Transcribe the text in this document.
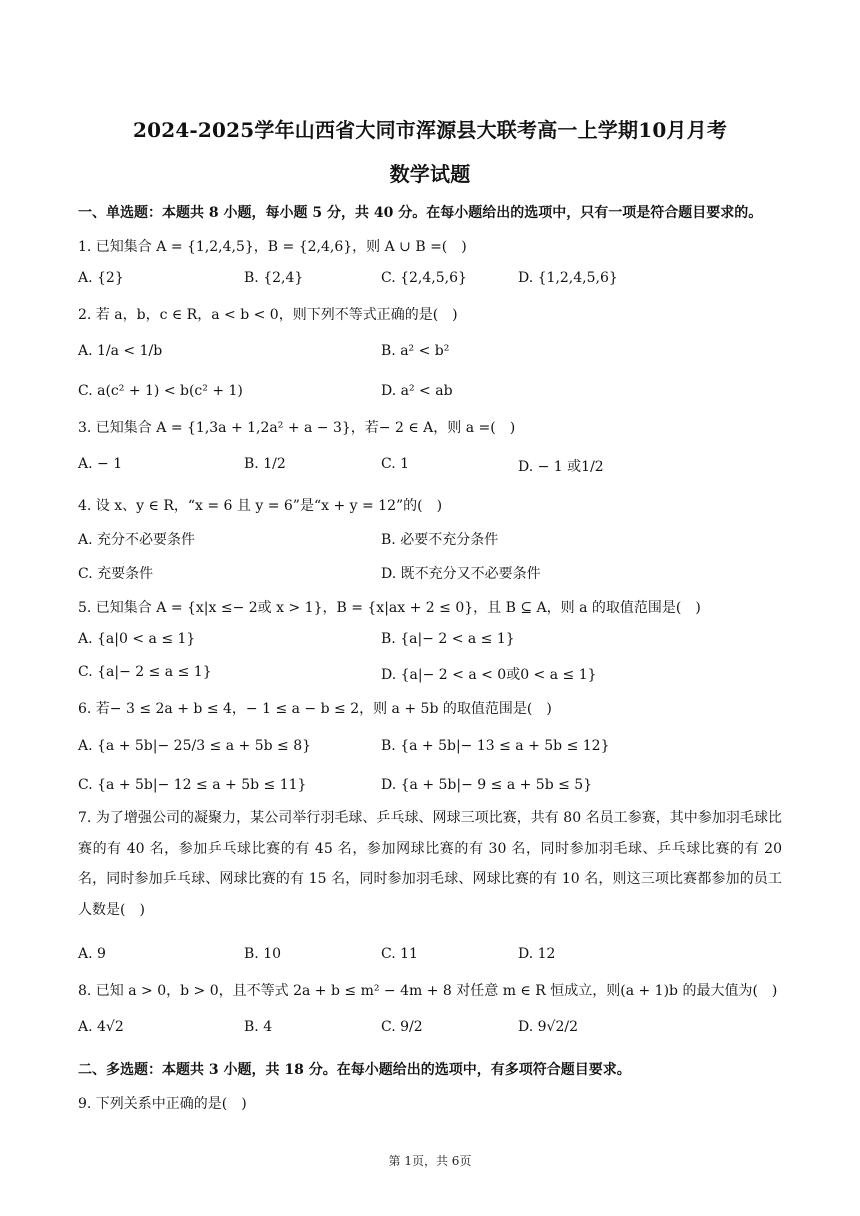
2024-2025学年山西省大同市浑源县大联考高一上学期10月月考
数学试题
一、单选题：本题共 8 小题，每小题 5 分，共 40 分。在每小题给出的选项中，只有一项是符合题目要求的。
1. 已知集合 A = {1,2,4,5}，B = {2,4,6}，则 A ∪ B =(　)
A. {2}	B. {2,4}	C. {2,4,5,6}	D. {1,2,4,5,6}
2. 若 a，b，c ∈ R，a < b < 0，则下列不等式正确的是(　)
A. 1/a < 1/b	B. a² < b²
C. a(c² + 1) < b(c² + 1)	D. a² < ab
3. 已知集合 A = {1,3a + 1,2a² + a − 3}，若− 2 ∈ A，则 a =(　)
A. − 1	B. 1/2	C. 1	D. − 1 或1/2
4. 设 x、y ∈ R，“x = 6 且 y = 6”是“x + y = 12”的(　)
A. 充分不必要条件	B. 必要不充分条件
C. 充要条件	D. 既不充分又不必要条件
5. 已知集合 A = {x|x ≤− 2或 x > 1}，B = {x|ax + 2 ≤ 0}，且 B ⊆ A，则 a 的取值范围是(　)
A. {a|0 < a ≤ 1}	B. {a|− 2 < a ≤ 1}
C. {a|− 2 ≤ a ≤ 1}	D. {a|− 2 < a < 0或0 < a ≤ 1}
6. 若− 3 ≤ 2a + b ≤ 4，− 1 ≤ a − b ≤ 2，则 a + 5b 的取值范围是(　)
A. {a + 5b|− 25/3 ≤ a + 5b ≤ 8}	B. {a + 5b|− 13 ≤ a + 5b ≤ 12}
C. {a + 5b|− 12 ≤ a + 5b ≤ 11}	D. {a + 5b|− 9 ≤ a + 5b ≤ 5}
7. 为了增强公司的凝聚力，某公司举行羽毛球、乒乓球、网球三项比赛，共有 80 名员工参赛，其中参加羽毛球比赛的有 40 名，参加乒乓球比赛的有 45 名，参加网球比赛的有 30 名，同时参加羽毛球、乒乓球比赛的有 20 名，同时参加乒乓球、网球比赛的有 15 名，同时参加羽毛球、网球比赛的有 10 名，则这三项比赛都参加的员工人数是(　)
A. 9	B. 10	C. 11	D. 12
8. 已知 a > 0，b > 0，且不等式 2a + b ≤ m² − 4m + 8 对任意 m ∈ R 恒成立，则(a + 1)b 的最大值为(　)
A. 4√2	B. 4	C. 9/2	D. 9√2/2
二、多选题：本题共 3 小题，共 18 分。在每小题给出的选项中，有多项符合题目要求。
9. 下列关系中正确的是(　)
第 1页，共 6页
